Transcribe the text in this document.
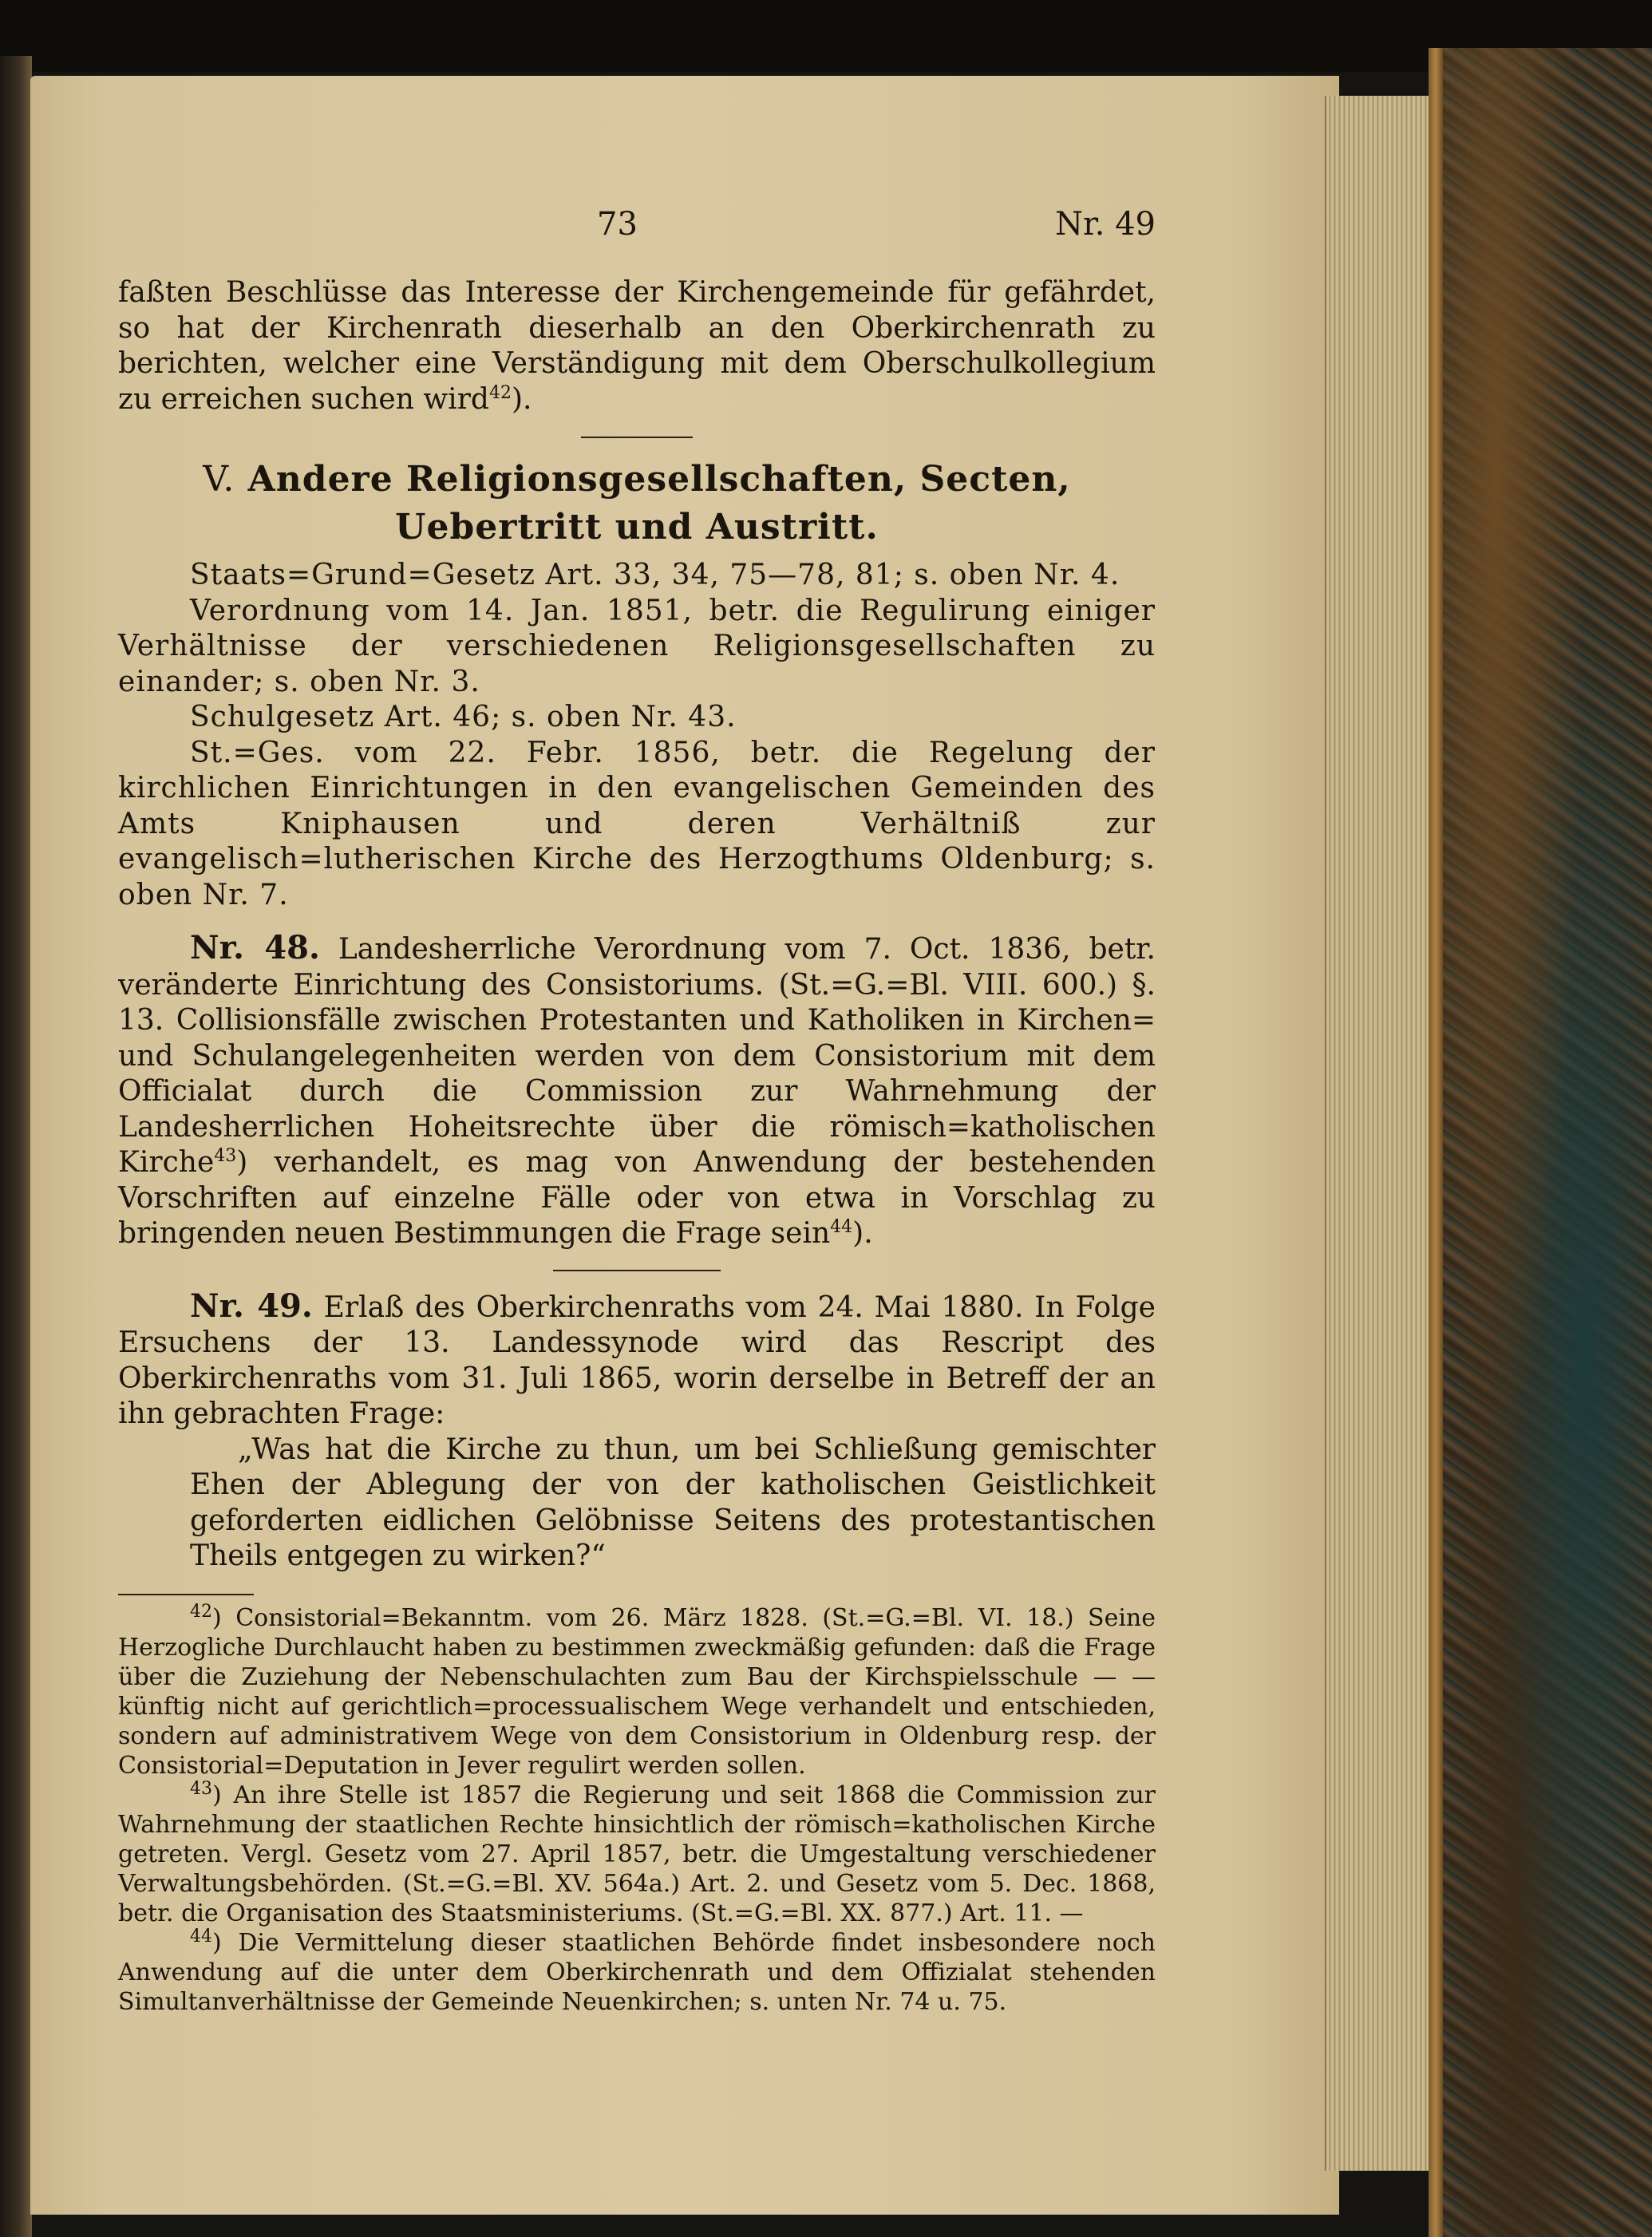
73	Nr. 49

faßten Beschlüsse das Interesse der Kirchengemeinde für gefährdet, so hat der Kirchenrath dieserhalb an den Oberkirchenrath zu berichten, welcher eine Verständigung mit dem Oberschulkollegium zu erreichen suchen wird$^{42}$).

V. Andere Religionsgesellschaften, Secten, Uebertritt und Austritt.

Staats=Grund=Gesetz Art. 33, 34, 75—78, 81; s. oben Nr. 4.

Verordnung vom 14. Jan. 1851, betr. die Regulirung einiger Verhältnisse der verschiedenen Religionsgesellschaften zu einander; s. oben Nr. 3.

Schulgesetz Art. 46; s. oben Nr. 43.

St.=Ges. vom 22. Febr. 1856, betr. die Regelung der kirchlichen Einrichtungen in den evangelischen Gemeinden des Amts Kniphausen und deren Verhältniß zur evangelisch=lutherischen Kirche des Herzogthums Oldenburg; s. oben Nr. 7.

Nr. 48. Landesherrliche Verordnung vom 7. Oct. 1836, betr. veränderte Einrichtung des Consistoriums. (St.=G.=Bl. VIII. 600.) §. 13. Collisionsfälle zwischen Protestanten und Katholiken in Kirchen= und Schulangelegenheiten werden von dem Consistorium mit dem Officialat durch die Commission zur Wahrnehmung der Landesherrlichen Hoheitsrechte über die römisch=katholischen Kirche$^{43}$) verhandelt, es mag von Anwendung der bestehenden Vorschriften auf einzelne Fälle oder von etwa in Vorschlag zu bringenden neuen Bestimmungen die Frage sein$^{44}$).

Nr. 49. Erlaß des Oberkirchenraths vom 24. Mai 1880. In Folge Ersuchens der 13. Landessynode wird das Rescript des Oberkirchenraths vom 31. Juli 1865, worin derselbe in Betreff der an ihn gebrachten Frage:

„Was hat die Kirche zu thun, um bei Schließung gemischter Ehen der Ablegung der von der katholischen Geistlichkeit geforderten eidlichen Gelöbnisse Seitens des protestantischen Theils entgegen zu wirken?“

$^{42}$) Consistorial=Bekanntm. vom 26. März 1828. (St.=G.=Bl. VI. 18.) Seine Herzogliche Durchlaucht haben zu bestimmen zweckmäßig gefunden: daß die Frage über die Zuziehung der Nebenschulachten zum Bau der Kirchspielsschule — — künftig nicht auf gerichtlich=processualischem Wege verhandelt und entschieden, sondern auf administrativem Wege von dem Consistorium in Oldenburg resp. der Consistorial=Deputation in Jever regulirt werden sollen.

$^{43}$) An ihre Stelle ist 1857 die Regierung und seit 1868 die Commission zur Wahrnehmung der staatlichen Rechte hinsichtlich der römisch=katholischen Kirche getreten. Vergl. Gesetz vom 27. April 1857, betr. die Umgestaltung verschiedener Verwaltungsbehörden. (St.=G.=Bl. XV. 564a.) Art. 2. und Gesetz vom 5. Dec. 1868, betr. die Organisation des Staatsministeriums. (St.=G.=Bl. XX. 877.) Art. 11. —

$^{44}$) Die Vermittelung dieser staatlichen Behörde findet insbesondere noch Anwendung auf die unter dem Oberkirchenrath und dem Offizialat stehenden Simultanverhältnisse der Gemeinde Neuenkirchen; s. unten Nr. 74 u. 75.
